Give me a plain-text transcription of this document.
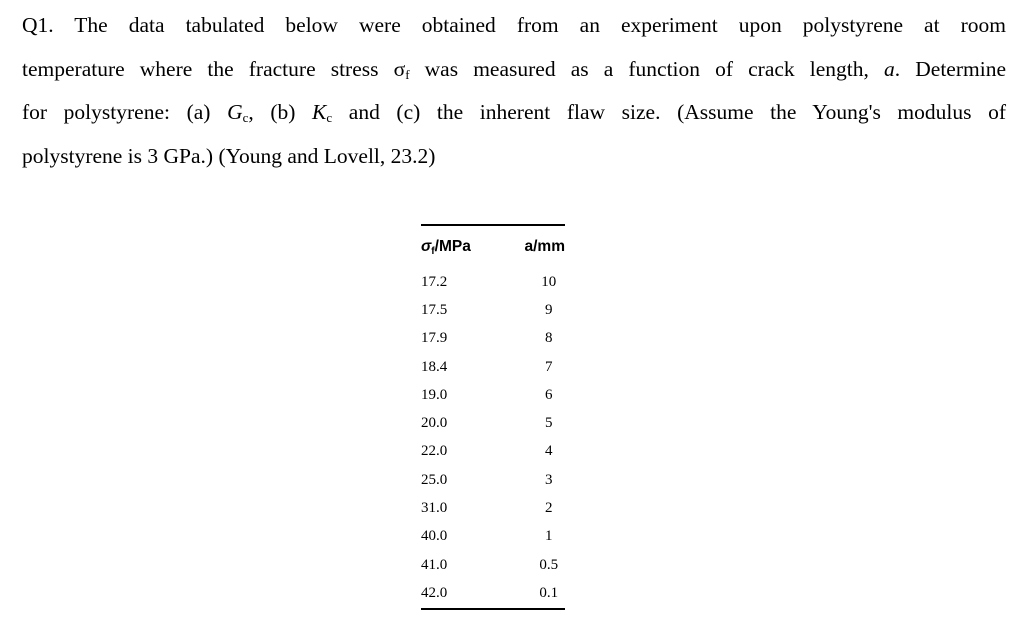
Q1. The data tabulated below were obtained from an experiment upon polystyrene at room
temperature where the fracture stress $\sigma_f$ was measured as a function of crack length, a. Determine
for polystyrene: (a) $G_c$, (b) $K_c$ and (c) the inherent flaw size. (Assume the Young's modulus of
polystyrene is 3 GPa.) (Young and Lovell, 23.2)
σf/MPa	a/mm
17.2	10
17.5	9
17.9	8
18.4	7
19.0	6
20.0	5
22.0	4
25.0	3
31.0	2
40.0	1
41.0	0.5
42.0	0.1
